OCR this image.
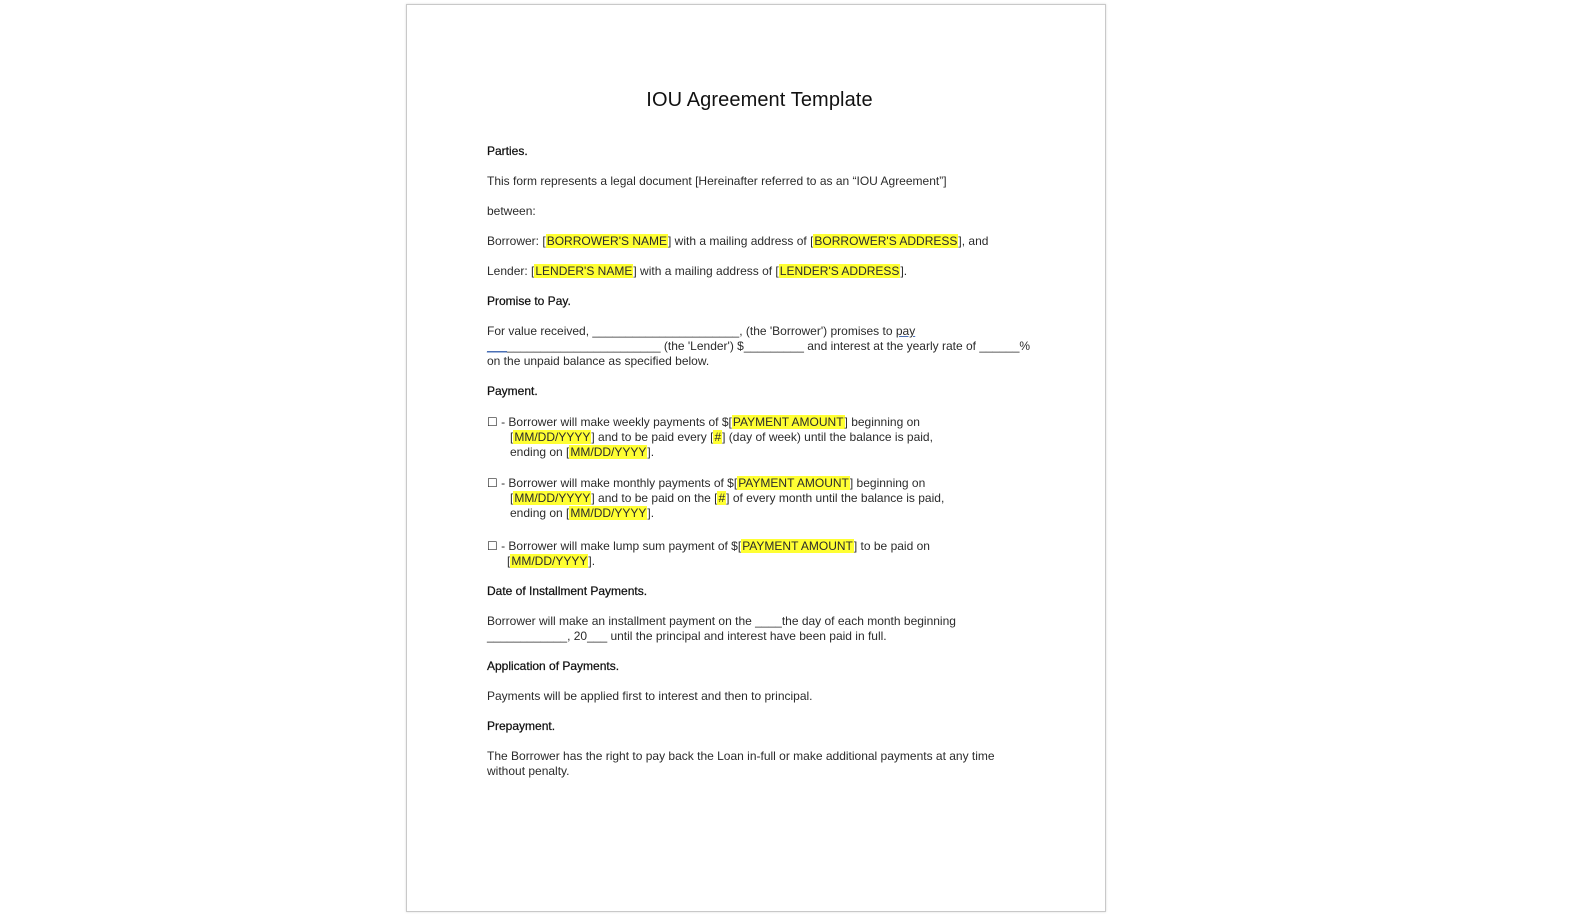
IOU Agreement Template
Parties.
This form represents a legal document [Hereinafter referred to as an “IOU Agreement”]
between:
Borrower: [BORROWER'S NAME] with a mailing address of [BORROWER'S ADDRESS], and
Lender: [LENDER'S NAME] with a mailing address of [LENDER'S ADDRESS].
Promise to Pay.
For value received, ______________________, (the 'Borrower') promises to pay
__________________________ (the 'Lender') $_________ and interest at the yearly rate of ______%
on the unpaid balance as specified below.
Payment.
☐ - Borrower will make weekly payments of $[PAYMENT AMOUNT] beginning on
[MM/DD/YYYY] and to be paid every [#] (day of week) until the balance is paid,
ending on [MM/DD/YYYY].
☐ - Borrower will make monthly payments of $[PAYMENT AMOUNT] beginning on
[MM/DD/YYYY] and to be paid on the [#] of every month until the balance is paid,
ending on [MM/DD/YYYY].
☐ - Borrower will make lump sum payment of $[PAYMENT AMOUNT] to be paid on
[MM/DD/YYYY].
Date of Installment Payments.
Borrower will make an installment payment on the ____the day of each month beginning
____________, 20___ until the principal and interest have been paid in full.
Application of Payments.
Payments will be applied first to interest and then to principal.
Prepayment.
The Borrower has the right to pay back the Loan in-full or make additional payments at any time
without penalty.
